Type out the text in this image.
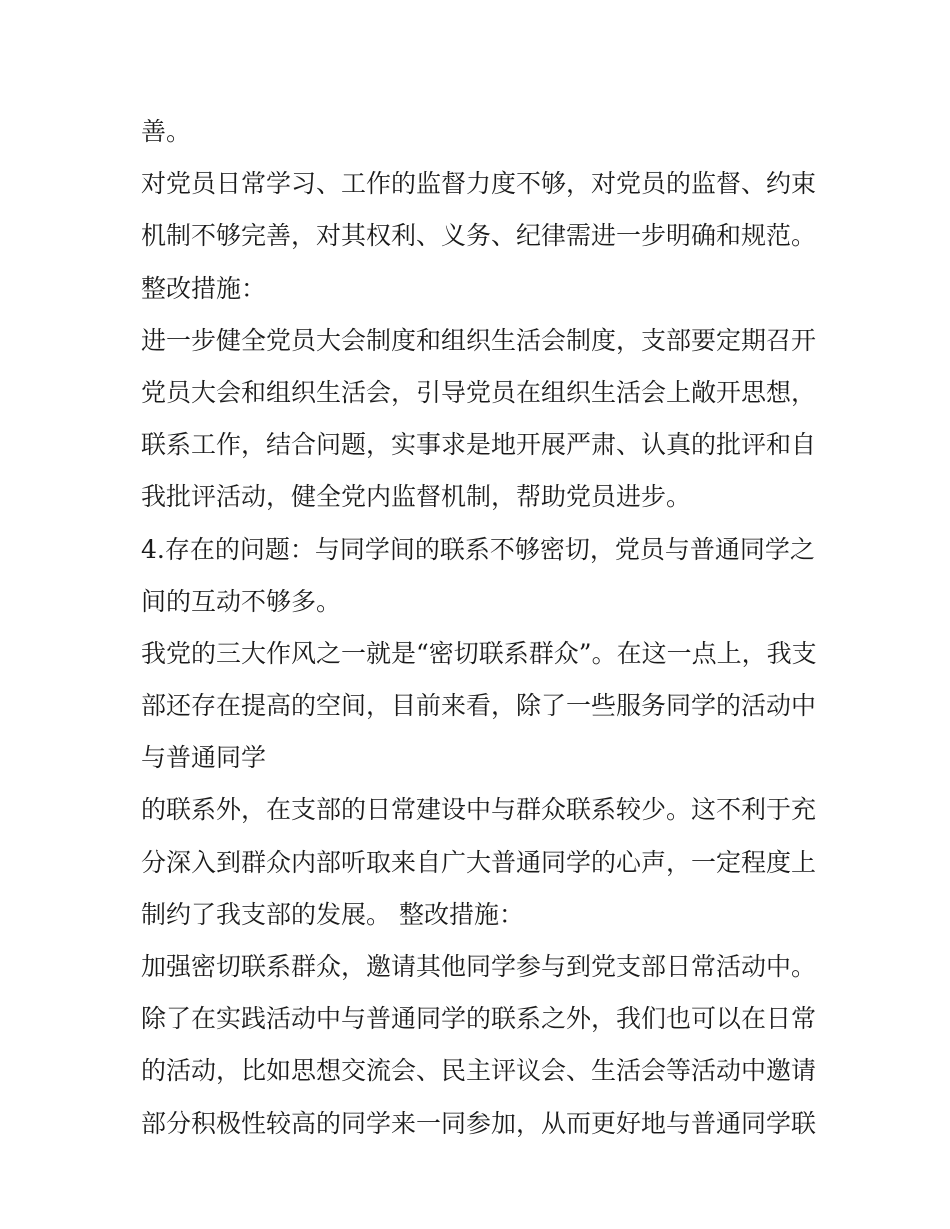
善。

对党员日常学习、工作的监督力度不够，对党员的监督、约束

机制不够完善，对其权利、义务、纪律需进一步明确和规范。

整改措施：

进一步健全党员大会制度和组织生活会制度，支部要定期召开

党员大会和组织生活会，引导党员在组织生活会上敞开思想，

联系工作，结合问题，实事求是地开展严肃、认真的批评和自

我批评活动，健全党内监督机制，帮助党员进步。

4.存在的问题：与同学间的联系不够密切，党员与普通同学之

间的互动不够多。

我党的三大作风之一就是“密切联系群众”。在这一点上，我支

部还存在提高的空间，目前来看，除了一些服务同学的活动中

与普通同学

的联系外，在支部的日常建设中与群众联系较少。这不利于充

分深入到群众内部听取来自广大普通同学的心声，一定程度上

制约了我支部的发展。 整改措施：

加强密切联系群众，邀请其他同学参与到党支部日常活动中。

除了在实践活动中与普通同学的联系之外，我们也可以在日常

的活动，比如思想交流会、民主评议会、生活会等活动中邀请

部分积极性较高的同学来一同参加，从而更好地与普通同学联
